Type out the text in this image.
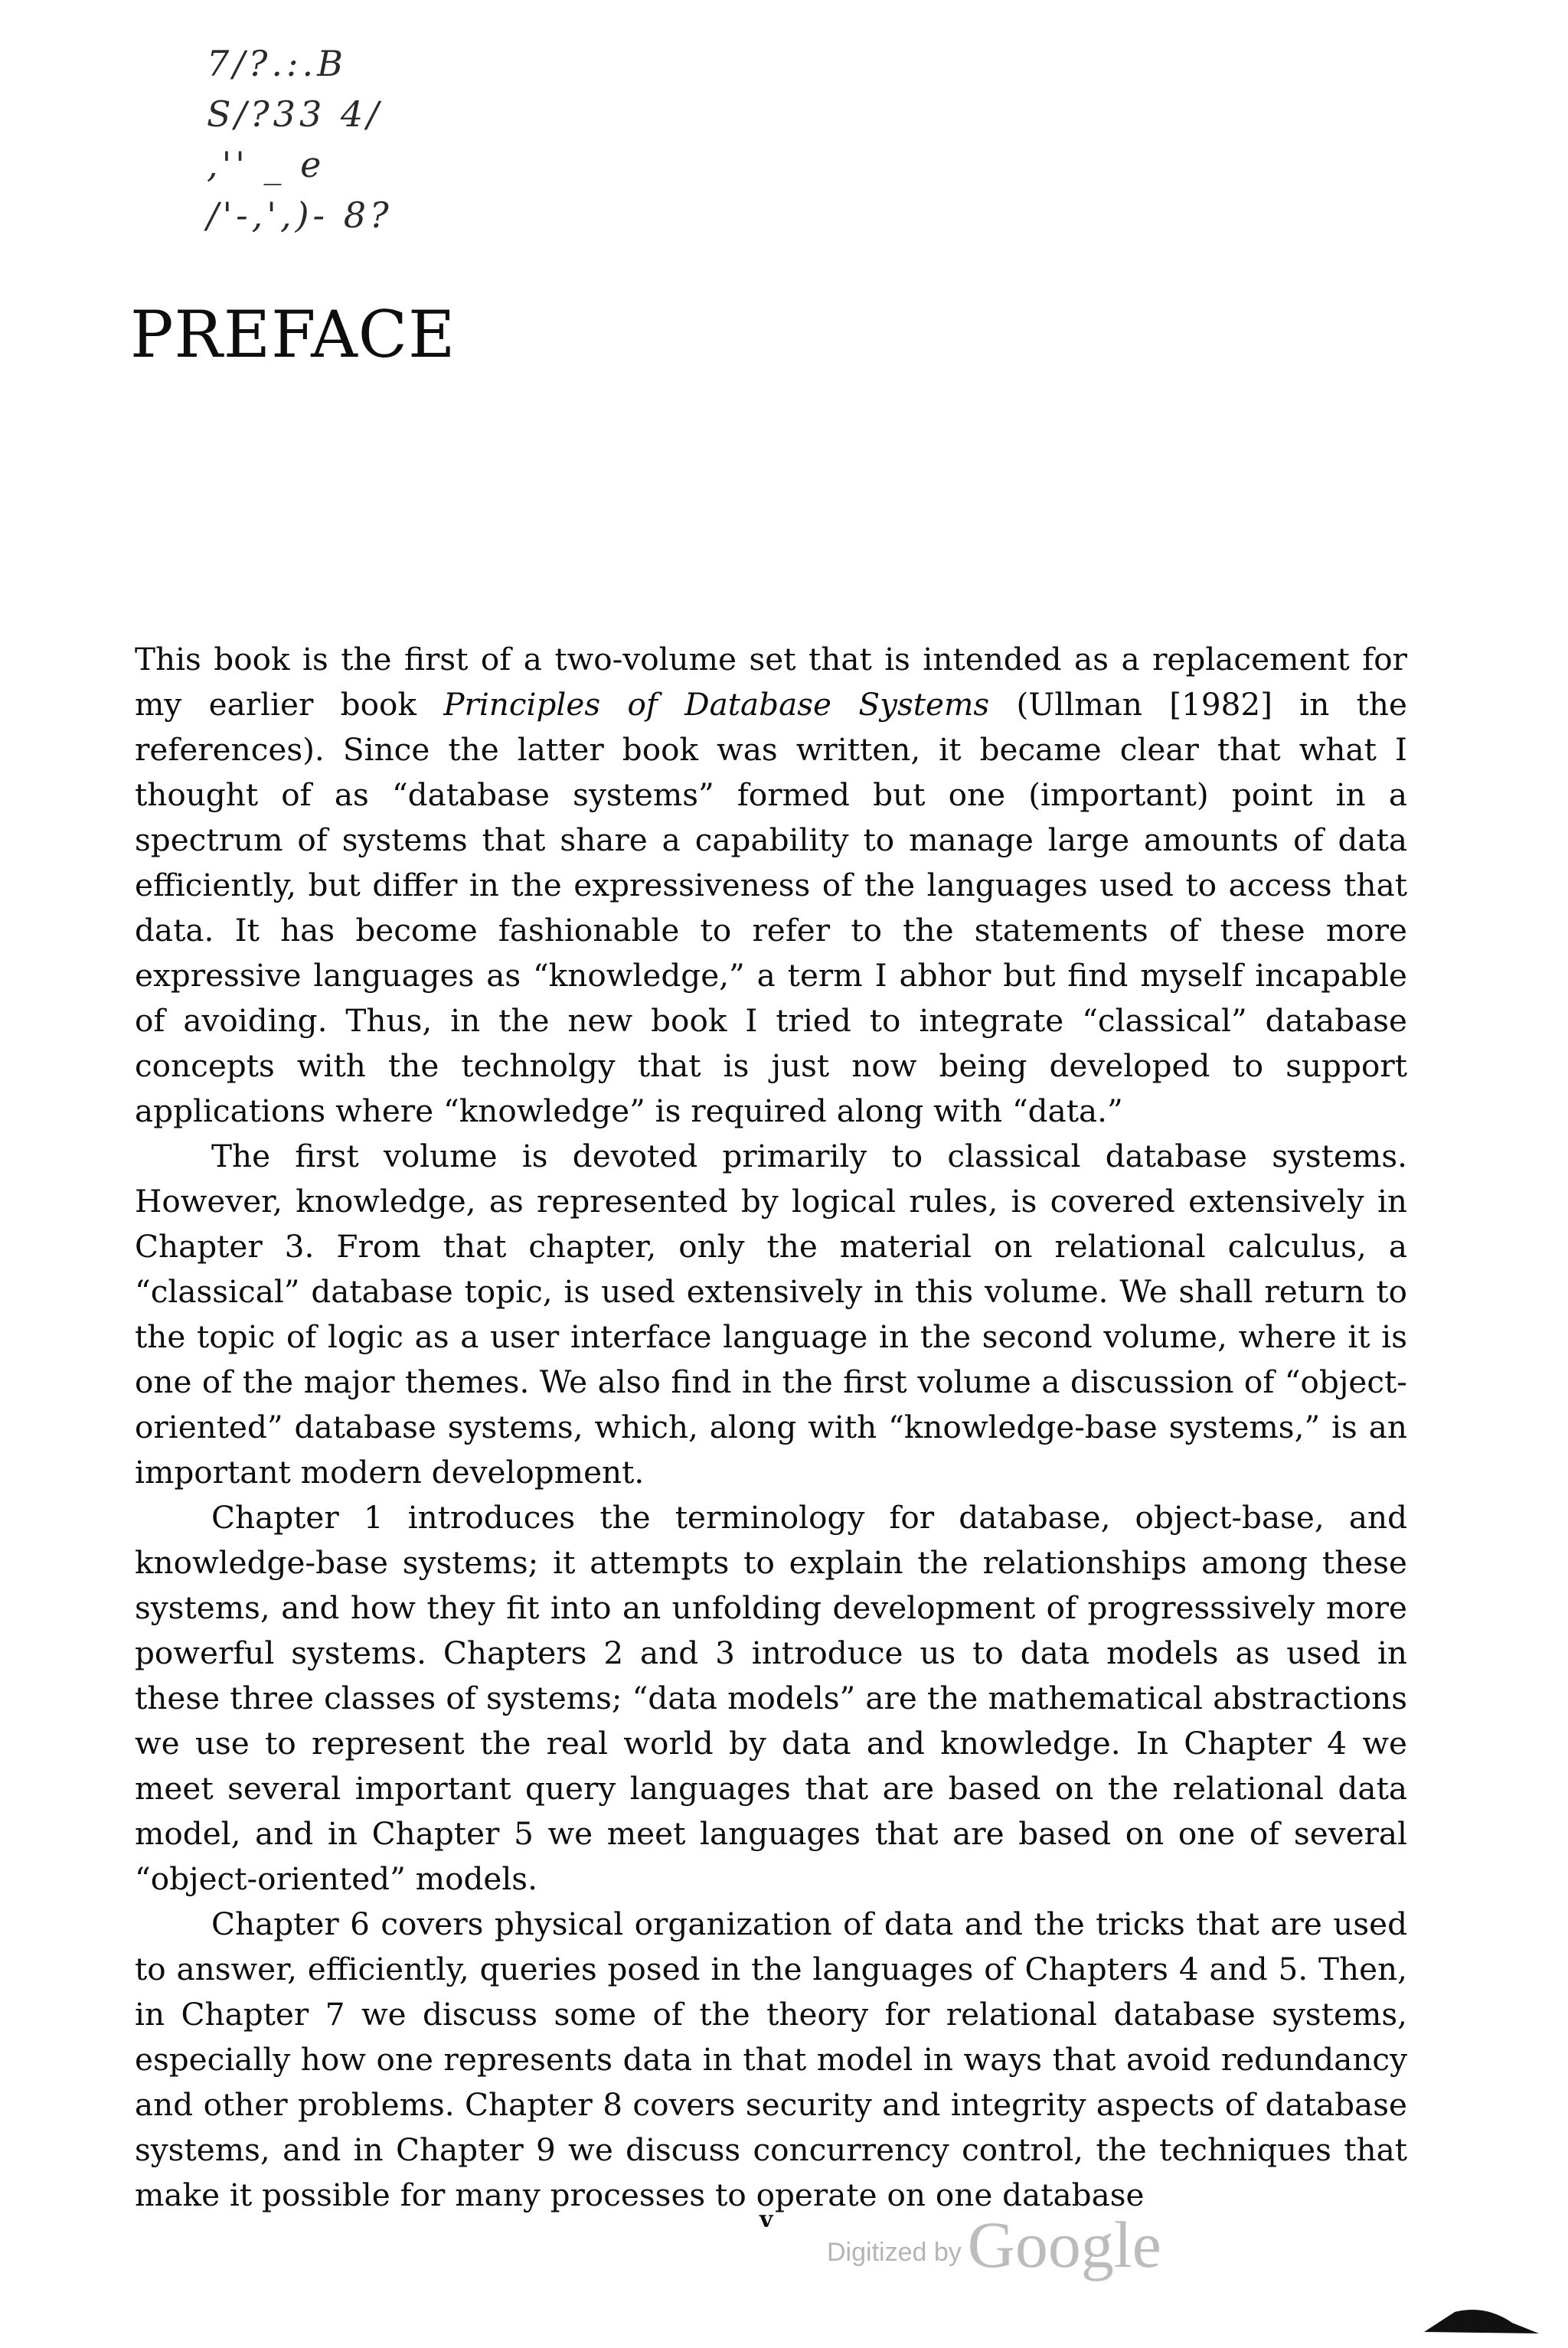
7/?.:.B
S/?33 4/
,'' _ e
/'-,',)- 8?
PREFACE

This book is the first of a two-volume set that is intended as a replacement for my earlier book Principles of Database Systems (Ullman [1982] in the references). Since the latter book was written, it became clear that what I thought of as “database systems” formed but one (important) point in a spectrum of systems that share a capability to manage large amounts of data efficiently, but differ in the expressiveness of the languages used to access that data. It has become fashionable to refer to the statements of these more expressive languages as “knowledge,” a term I abhor but find myself incapable of avoiding. Thus, in the new book I tried to integrate “classical” database concepts with the technolgy that is just now being developed to support applications where “knowledge” is required along with “data.”

The first volume is devoted primarily to classical database systems. However, knowledge, as represented by logical rules, is covered extensively in Chapter 3. From that chapter, only the material on relational calculus, a “classical” database topic, is used extensively in this volume. We shall return to the topic of logic as a user interface language in the second volume, where it is one of the major themes. We also find in the first volume a discussion of “object-oriented” database systems, which, along with “knowledge-base systems,” is an important modern development.

Chapter 1 introduces the terminology for database, object-base, and knowledge-base systems; it attempts to explain the relationships among these systems, and how they fit into an unfolding development of progresssively more powerful systems. Chapters 2 and 3 introduce us to data models as used in these three classes of systems; “data models” are the mathematical abstractions we use to represent the real world by data and knowledge. In Chapter 4 we meet several important query languages that are based on the relational data model, and in Chapter 5 we meet languages that are based on one of several “object-oriented” models.

Chapter 6 covers physical organization of data and the tricks that are used to answer, efficiently, queries posed in the languages of Chapters 4 and 5. Then, in Chapter 7 we discuss some of the theory for relational database systems, especially how one represents data in that model in ways that avoid redundancy and other problems. Chapter 8 covers security and integrity aspects of database systems, and in Chapter 9 we discuss concurrency control, the techniques that make it possible for many processes to operate on one database

v
Digitized byGoogle
